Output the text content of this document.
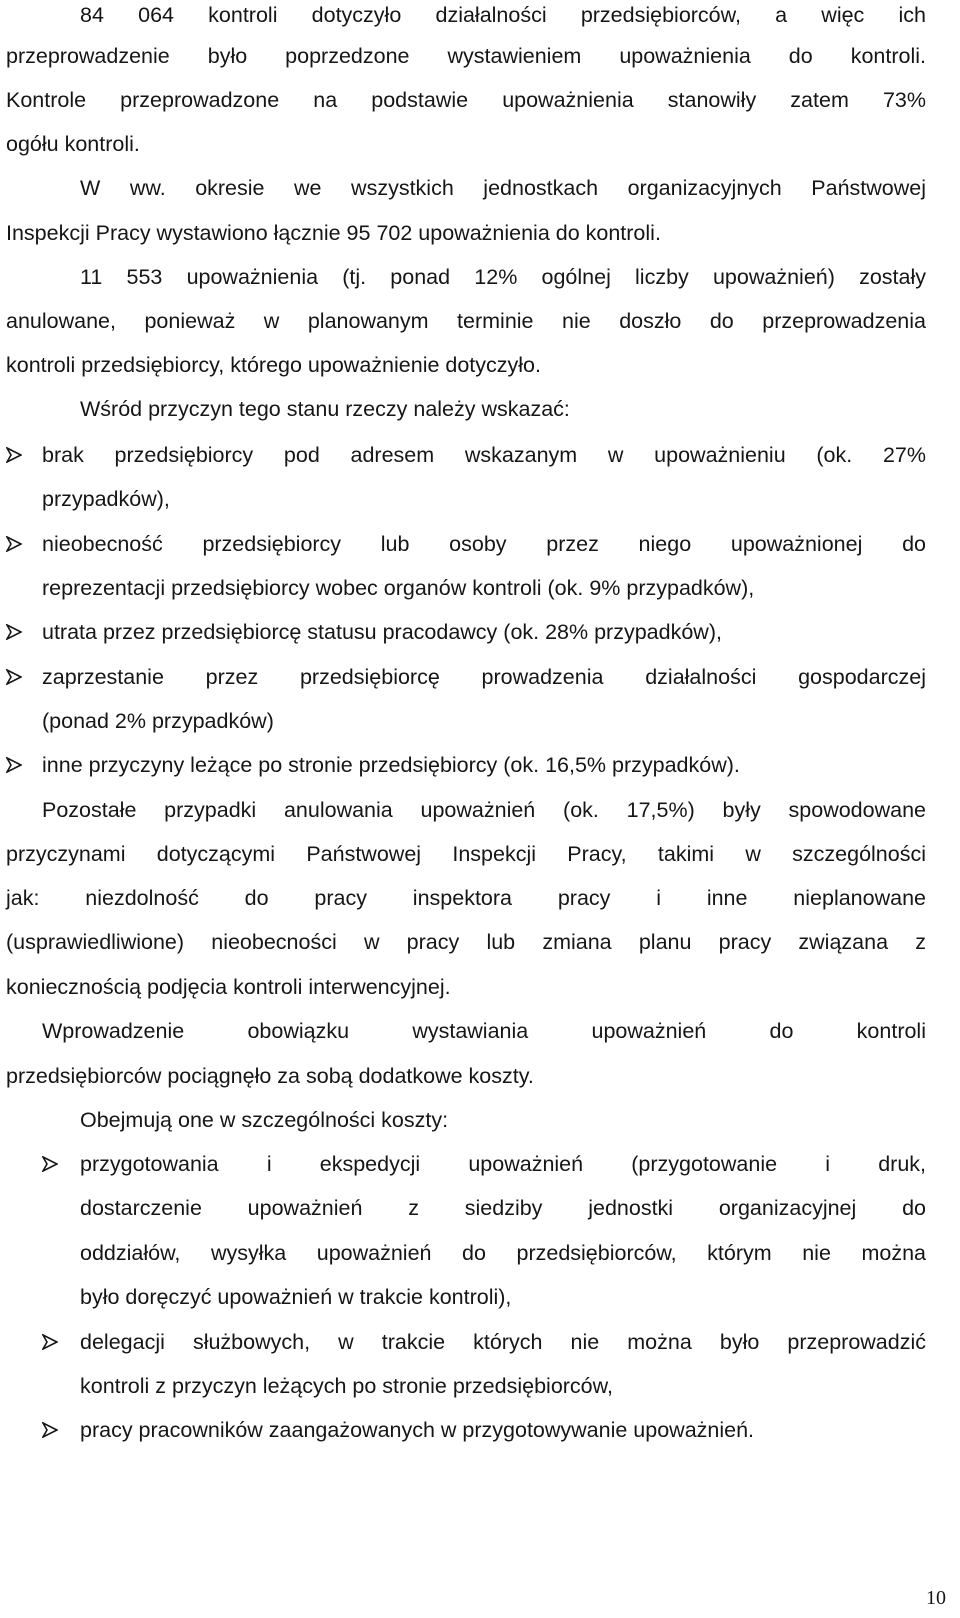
10
84 064 kontroli dotyczyło działalności przedsiębiorców, a więc ich
przeprowadzenie było poprzedzone wystawieniem upoważnienia do kontroli.
Kontrole przeprowadzone na podstawie upoważnienia stanowiły zatem 73%
ogółu kontroli.
W ww. okresie we wszystkich jednostkach organizacyjnych Państwowej
Inspekcji Pracy wystawiono łącznie 95 702 upoważnienia do kontroli.
11 553 upoważnienia (tj. ponad 12% ogólnej liczby upoważnień) zostały
anulowane, ponieważ w planowanym terminie nie doszło do przeprowadzenia
kontroli przedsiębiorcy, którego upoważnienie dotyczyło.
Wśród przyczyn tego stanu rzeczy należy wskazać:
brak przedsiębiorcy pod adresem wskazanym w upoważnieniu (ok. 27%
przypadków),
nieobecność przedsiębiorcy lub osoby przez niego upoważnionej do
reprezentacji przedsiębiorcy wobec organów kontroli (ok. 9% przypadków),
utrata przez przedsiębiorcę statusu pracodawcy (ok. 28% przypadków),
zaprzestanie przez przedsiębiorcę prowadzenia działalności gospodarczej
(ponad 2% przypadków)
inne przyczyny leżące po stronie przedsiębiorcy (ok. 16,5% przypadków).
Pozostałe przypadki anulowania upoważnień (ok. 17,5%) były spowodowane
przyczynami dotyczącymi Państwowej Inspekcji Pracy, takimi w szczególności
jak: niezdolność do pracy inspektora pracy i inne nieplanowane
(usprawiedliwione) nieobecności w pracy lub zmiana planu pracy związana z
koniecznością podjęcia kontroli interwencyjnej.
Wprowadzenie obowiązku wystawiania upoważnień do kontroli
przedsiębiorców pociągnęło za sobą dodatkowe koszty.
Obejmują one w szczególności koszty:
przygotowania i ekspedycji upoważnień (przygotowanie i druk,
dostarczenie upoważnień z siedziby jednostki organizacyjnej do
oddziałów, wysyłka upoważnień do przedsiębiorców, którym nie można
było doręczyć upoważnień w trakcie kontroli),
delegacji służbowych, w trakcie których nie można było przeprowadzić
kontroli z przyczyn leżących po stronie przedsiębiorców,
pracy pracowników zaangażowanych w przygotowywanie upoważnień.
